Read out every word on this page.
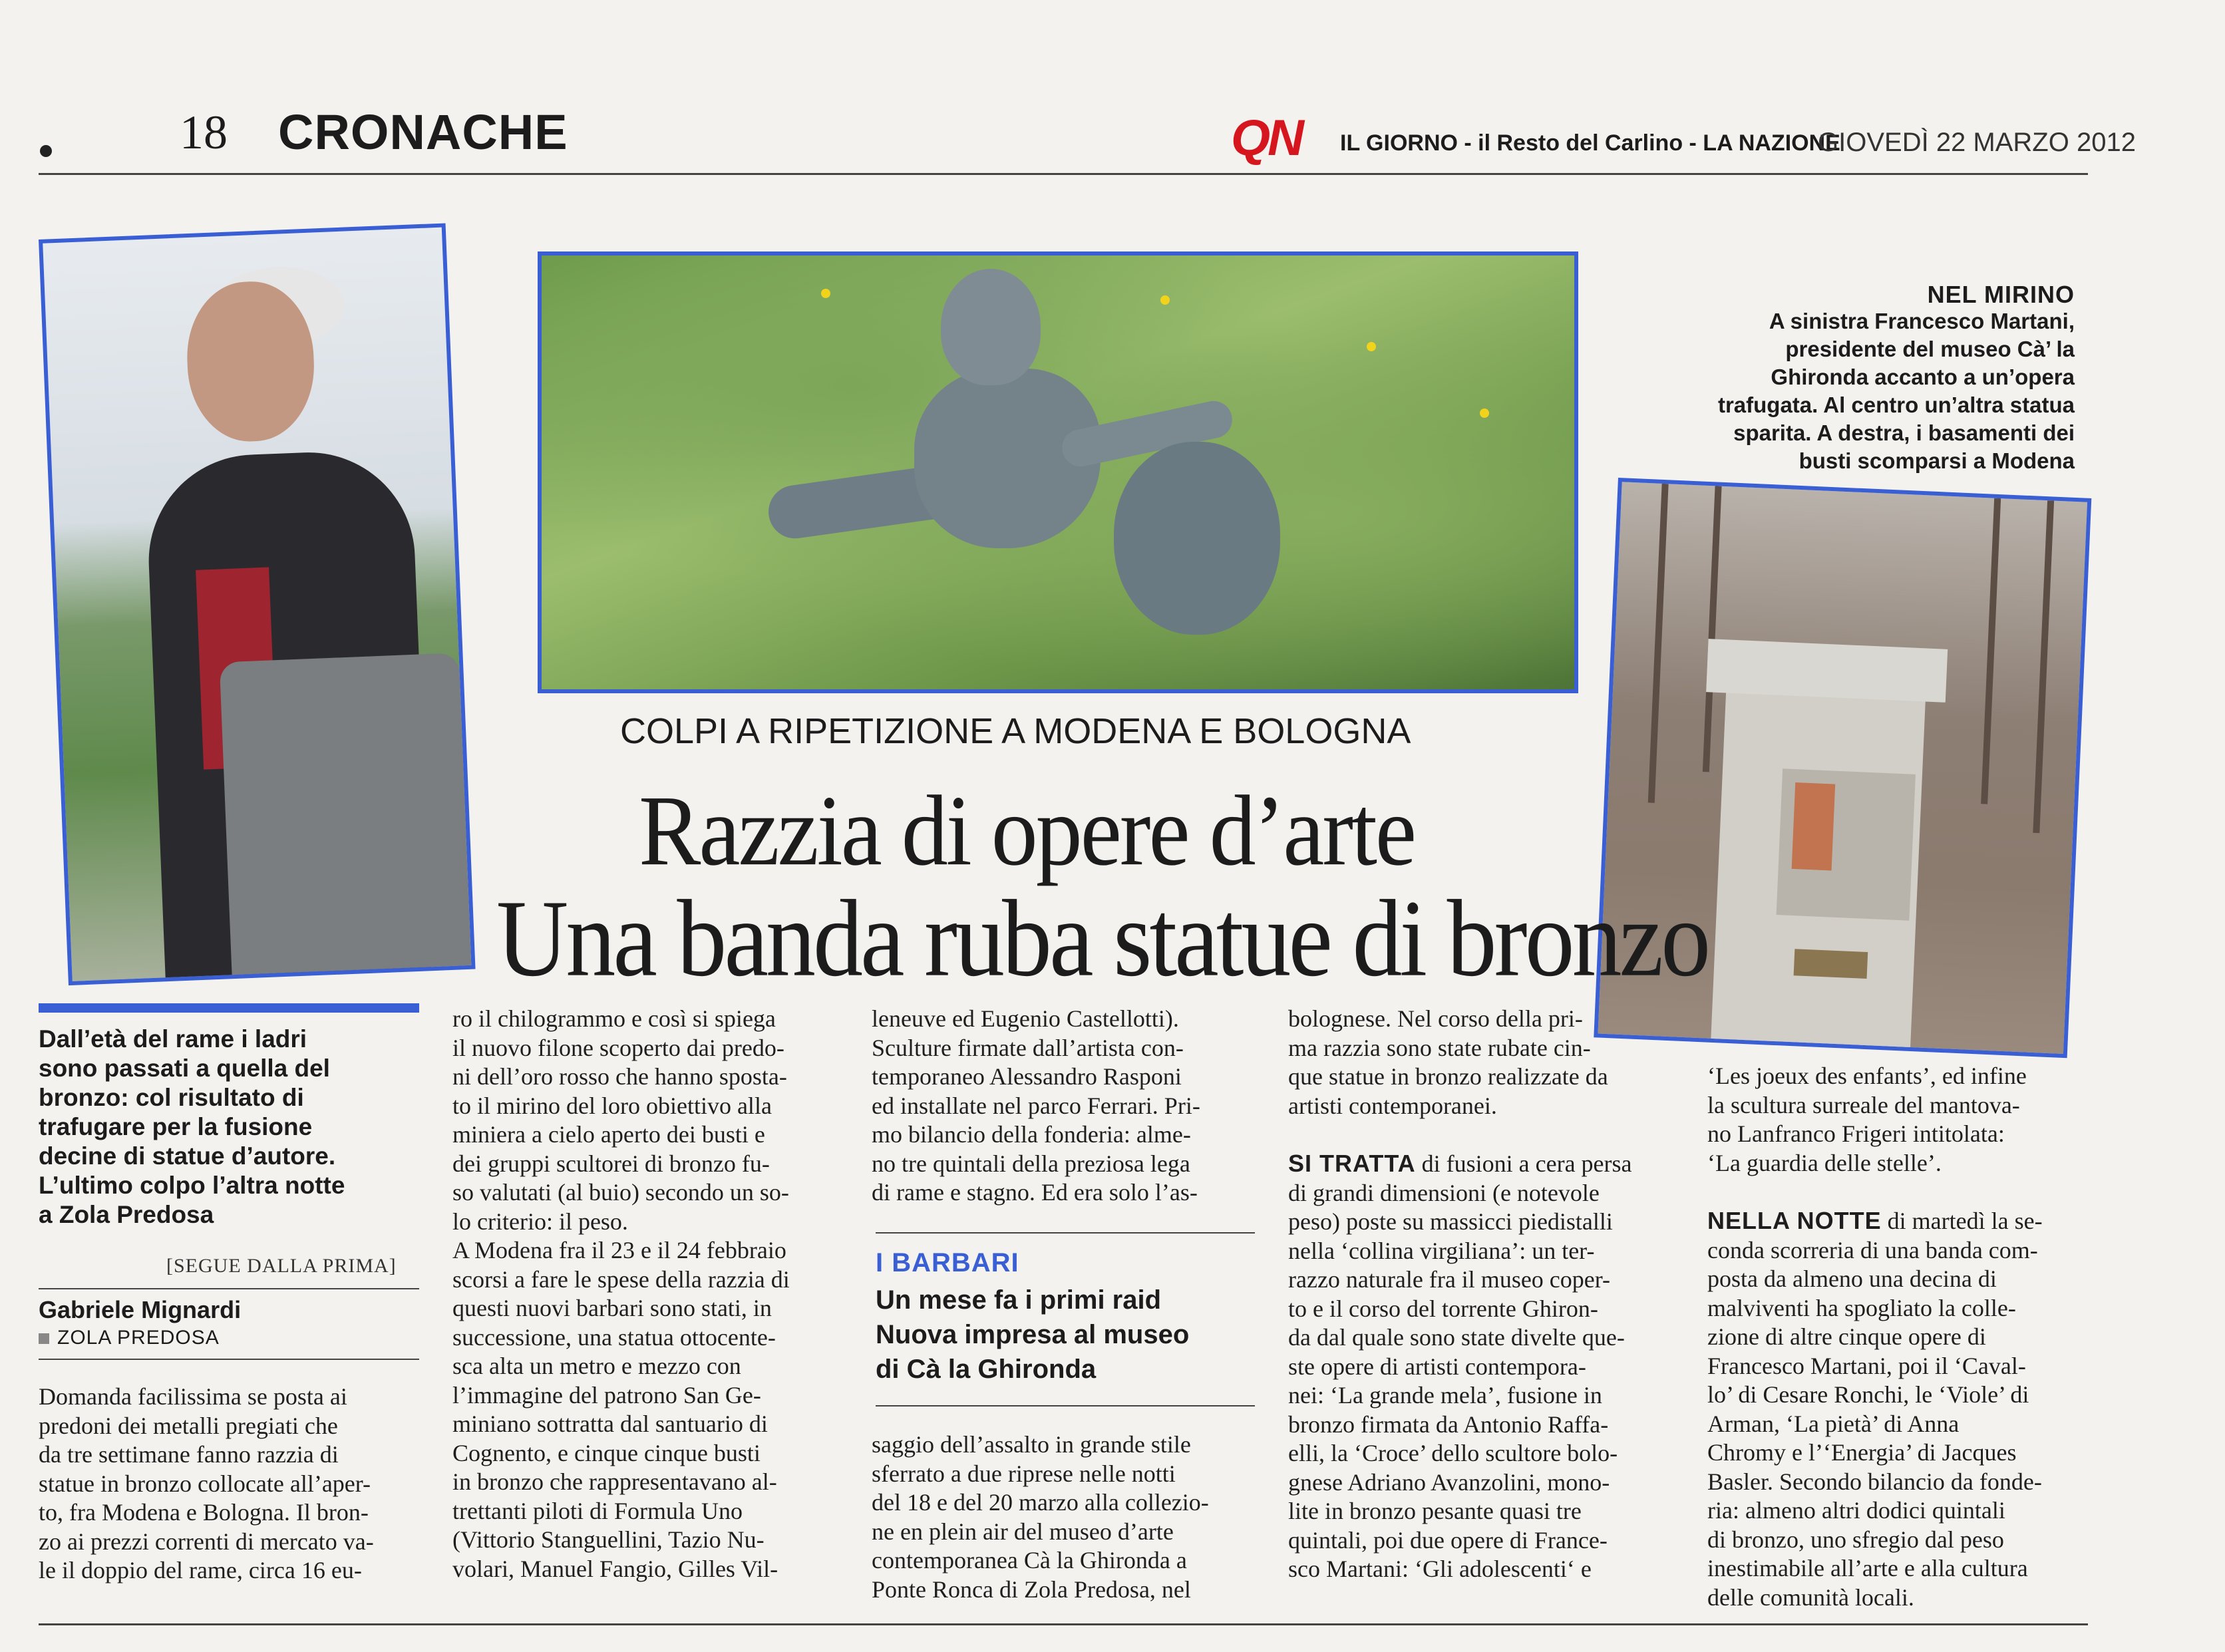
18 CRONACHE	QN IL GIORNO - il Resto del Carlino - LA NAZIONE
GIOVEDÌ 22 MARZO 2012
NEL MIRINO
A sinistra Francesco Martani,
presidente del museo Cà’ la
Ghironda accanto a un’opera
trafugata. Al centro un’altra statua
sparita. A destra, i basamenti dei
busti scomparsi a Modena
COLPI A RIPETIZIONE A MODENA E BOLOGNA
Razzia di opere d’arte
Una banda ruba statue di bronzo
Dall’età del rame i ladri
sono passati a quella del
bronzo: col risultato di
trafugare per la fusione
decine di statue d’autore.
L’ultimo colpo l’altra notte
a Zola Predosa
[SEGUE DALLA PRIMA]
Gabriele Mignardi
ZOLA PREDOSA

Domanda facilissima se posta ai

predoni dei metalli pregiati che

da tre settimane fanno razzia di

statue in bronzo collocate all’aper-

to, fra Modena e Bologna. Il bron-

zo ai prezzi correnti di mercato va-

le il doppio del rame, circa 16 eu-

ro il chilogrammo e così si spiega

il nuovo filone scoperto dai predo-

ni dell’oro rosso che hanno sposta-

to il mirino del loro obiettivo alla

miniera a cielo aperto dei busti e

dei gruppi scultorei di bronzo fu-

so valutati (al buio) secondo un so-

lo criterio: il peso.

A Modena fra il 23 e il 24 febbraio

scorsi a fare le spese della razzia di

questi nuovi barbari sono stati, in

successione, una statua ottocente-

sca alta un metro e mezzo con

l’immagine del patrono San Ge-

miniano sottratta dal santuario di

Cognento, e cinque cinque busti

in bronzo che rappresentavano al-

trettanti piloti di Formula Uno

(Vittorio Stanguellini, Tazio Nu-

volari, Manuel Fangio, Gilles Vil-

leneuve ed Eugenio Castellotti).

Sculture firmate dall’artista con-

temporaneo Alessandro Rasponi

ed installate nel parco Ferrari. Pri-

mo bilancio della fonderia: alme-

no tre quintali della preziosa lega

di rame e stagno. Ed era solo l’as-

I BARBARI
Un mese fa i primi raid
Nuova impresa al museo
di Cà la Ghironda

saggio dell’assalto in grande stile

sferrato a due riprese nelle notti

del 18 e del 20 marzo alla collezio-

ne en plein air del museo d’arte

contemporanea Cà la Ghironda a

Ponte Ronca di Zola Predosa, nel

bolognese. Nel corso della pri-

ma razzia sono state rubate cin-

que statue in bronzo realizzate da

artisti contemporanei.

SI TRATTA di fusioni a cera persa

di grandi dimensioni (e notevole

peso) poste su massicci piedistalli

nella ‘collina virgiliana’: un ter-

razzo naturale fra il museo coper-

to e il corso del torrente Ghiron-

da dal quale sono state divelte que-

ste opere di artisti contempora-

nei: ‘La grande mela’, fusione in

bronzo firmata da Antonio Raffa-

elli, la ‘Croce’ dello scultore bolo-

gnese Adriano Avanzolini, mono-

lite in bronzo pesante quasi tre

quintali, poi due opere di France-

sco Martani: ‘Gli adolescenti‘ e

‘Les joeux des enfants’, ed infine

la scultura surreale del mantova-

no Lanfranco Frigeri intitolata:

‘La guardia delle stelle’.

NELLA NOTTE di martedì la se-

conda scorreria di una banda com-

posta da almeno una decina di

malviventi ha spogliato la colle-

zione di altre cinque opere di

Francesco Martani, poi il ‘Caval-

lo’ di Cesare Ronchi, le ‘Viole’ di

Arman, ‘La pietà’ di Anna

Chromy e l’‘Energia’ di Jacques

Basler. Secondo bilancio da fonde-

ria: almeno altri dodici quintali

di bronzo, uno sfregio dal peso

inestimabile all’arte e alla cultura

delle comunità locali.
